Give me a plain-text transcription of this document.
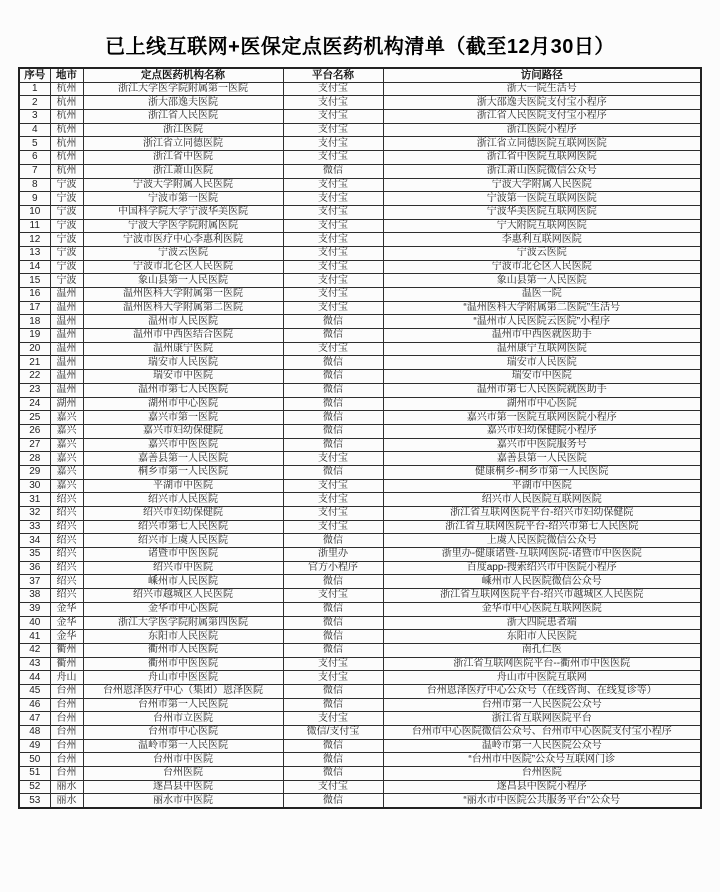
已上线互联网+医保定点医药机构清单（截至12月30日）
序号	地市	定点医药机构名称	平台名称	访问路径
1	杭州	浙江大学医学院附属第一医院	支付宝	浙大一院生活号
2	杭州	浙大邵逸夫医院	支付宝	浙大邵逸夫医院支付宝小程序
3	杭州	浙江省人民医院	支付宝	浙江省人民医院支付宝小程序
4	杭州	浙江医院	支付宝	浙江医院小程序
5	杭州	浙江省立同德医院	支付宝	浙江省立同德医院互联网医院
6	杭州	浙江省中医院	支付宝	浙江省中医院互联网医院
7	杭州	浙江萧山医院	微信	浙江萧山医院微信公众号
8	宁波	宁波大学附属人民医院	支付宝	宁波大学附属人民医院
9	宁波	宁波市第一医院	支付宝	宁波第一医院互联网医院
10	宁波	中国科学院大学宁波华美医院	支付宝	宁波华美医院互联网医院
11	宁波	宁波大学医学院附属医院	支付宝	宁大附院互联网医院
12	宁波	宁波市医疗中心李惠利医院	支付宝	李惠利互联网医院
13	宁波	宁波云医院	支付宝	宁波云医院
14	宁波	宁波市北仑区人民医院	支付宝	宁波市北仑区人民医院
15	宁波	象山县第一人民医院	支付宝	象山县第一人民医院
16	温州	温州医科大学附属第一医院	支付宝	温医一院
17	温州	温州医科大学附属第二医院	支付宝	“温州医科大学附属第二医院”生活号
18	温州	温州市人民医院	微信	“温州市人民医院云医院”小程序
19	温州	温州市中西医结合医院	微信	温州市中西医就医助手
20	温州	温州康宁医院	支付宝	温州康宁互联网医院
21	温州	瑞安市人民医院	微信	瑞安市人民医院
22	温州	瑞安市中医院	微信	瑞安市中医院
23	温州	温州市第七人民医院	微信	温州市第七人民医院就医助手
24	湖州	湖州市中心医院	微信	湖州市中心医院
25	嘉兴	嘉兴市第一医院	微信	嘉兴市第一医院互联网医院小程序
26	嘉兴	嘉兴市妇幼保健院	微信	嘉兴市妇幼保健院小程序
27	嘉兴	嘉兴市中医医院	微信	嘉兴市中医院服务号
28	嘉兴	嘉善县第一人民医院	支付宝	嘉善县第一人民医院
29	嘉兴	桐乡市第一人民医院	微信	健康桐乡-桐乡市第一人民医院
30	嘉兴	平湖市中医院	支付宝	平湖市中医院
31	绍兴	绍兴市人民医院	支付宝	绍兴市人民医院互联网医院
32	绍兴	绍兴市妇幼保健院	支付宝	浙江省互联网医院平台-绍兴市妇幼保健院
33	绍兴	绍兴市第七人民医院	支付宝	浙江省互联网医院平台-绍兴市第七人民医院
34	绍兴	绍兴市上虞人民医院	微信	上虞人民医院微信公众号
35	绍兴	诸暨市中医医院	浙里办	浙里办-健康诸暨-互联网医院-诸暨市中医医院
36	绍兴	绍兴市中医院	官方小程序	百度app-搜索绍兴市中医院小程序
37	绍兴	嵊州市人民医院	微信	嵊州市人民医院微信公众号
38	绍兴	绍兴市越城区人民医院	支付宝	浙江省互联网医院平台-绍兴市越城区人民医院
39	金华	金华市中心医院	微信	金华市中心医院互联网医院
40	金华	浙江大学医学院附属第四医院	微信	浙大四院患者端
41	金华	东阳市人民医院	微信	东阳市人民医院
42	衢州	衢州市人民医院	微信	南孔仁医
43	衢州	衢州市中医医院	支付宝	浙江省互联网医院平台--衢州市中医医院
44	舟山	舟山市中医医院	支付宝	舟山市中医院互联网
45	台州	台州恩泽医疗中心（集团）恩泽医院	微信	台州恩泽医疗中心公众号（在线咨询、在线复诊等）
46	台州	台州市第一人民医院	微信	台州市第一人民医院公众号
47	台州	台州市立医院	支付宝	浙江省互联网医院平台
48	台州	台州市中心医院	微信/支付宝	台州市中心医院微信公众号、台州市中心医院支付宝小程序
49	台州	温岭市第一人民医院	微信	温岭市第一人民医院公众号
50	台州	台州市中医院	微信	“台州市中医院”公众号互联网门诊
51	台州	台州医院	微信	台州医院
52	丽水	遂昌县中医院	支付宝	遂昌县中医院小程序
53	丽水	丽水市中医院	微信	“丽水市中医院公共服务平台”公众号
